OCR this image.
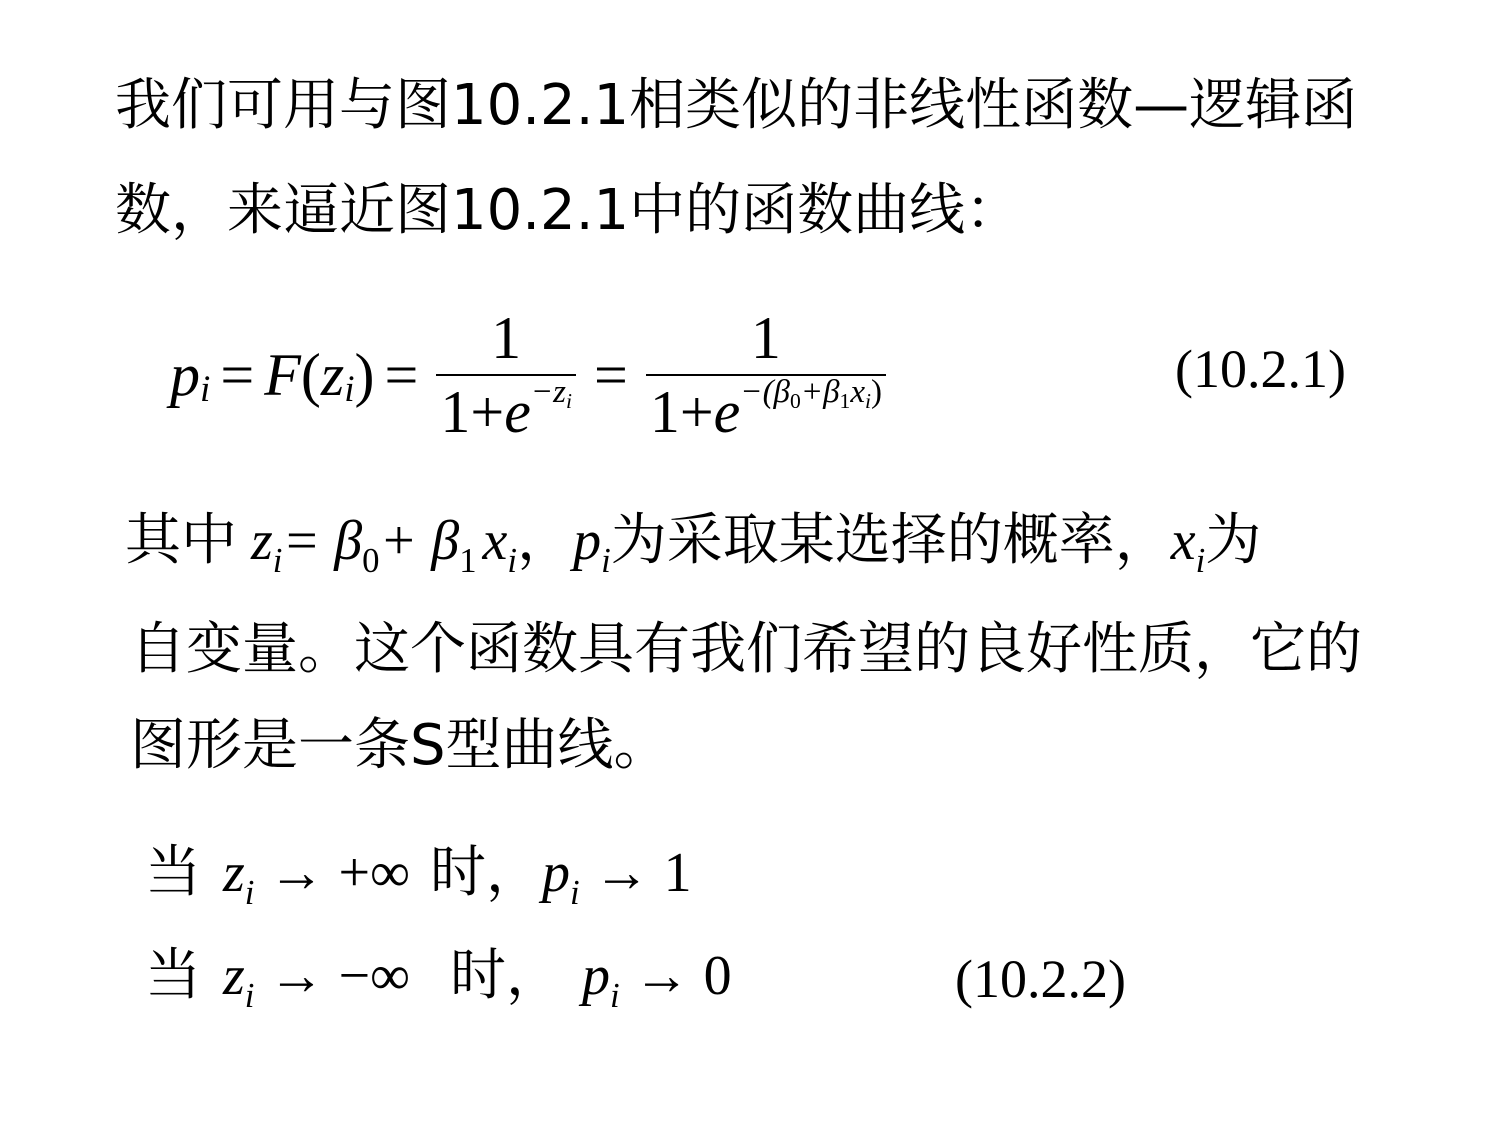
我们可用与图10.2.1相类似的非线性函数—逻辑函
数，来逼近图10.2.1中的函数曲线：
p i = F ( z i ) = $\frac{1}{1+e^{-zi}} = \frac{1}{1+e^{-(\beta 0+\beta 1xi)}}$	(10.2.1)
其中 z i = β 0 + β 1 x i ， p i 为采取某选择的概率， x i 为
自变量。这个函数具有我们希望的良好性质，它的
图形是一条S型曲线。
当 z i → +∞ 时， p i → 1
当 z i → −∞ 时， p i → 0	(10.2.2)
